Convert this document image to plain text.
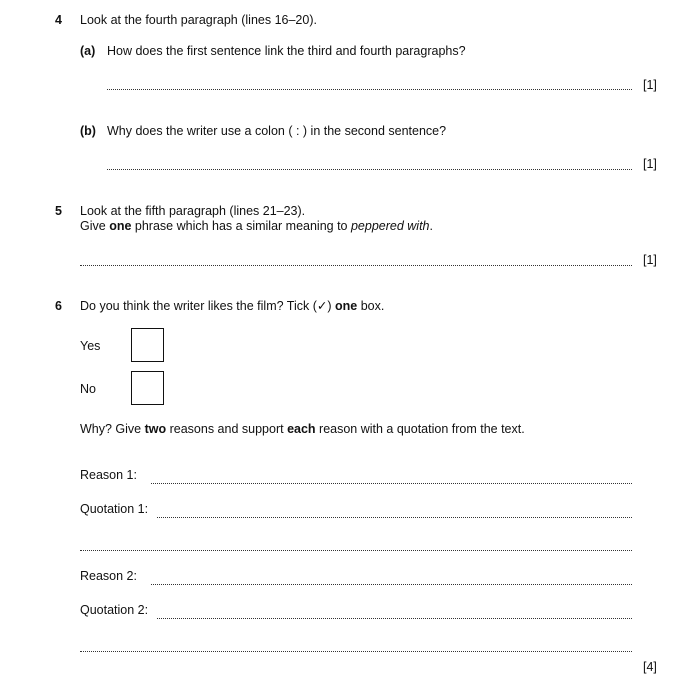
4 Look at the fourth paragraph (lines 16–20).
(a) How does the first sentence link the third and fourth paragraphs?
[1]
(b) Why does the writer use a colon ( : ) in the second sentence?
[1]
5 Look at the fifth paragraph (lines 21–23).
Give one phrase which has a similar meaning to peppered with.
[1]
6 Do you think the writer likes the film? Tick (✓) one box.
Yes
No
Why? Give two reasons and support each reason with a quotation from the text.
Reason 1:
Quotation 1:
Reason 2:
Quotation 2:
[4]
